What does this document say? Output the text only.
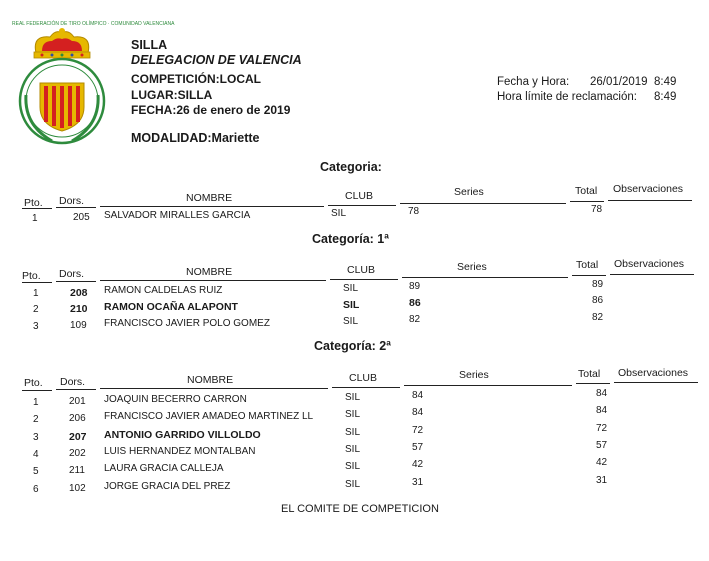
REAL FEDERACIÓN DE TIRO OLÍMPICO · COMUNIDAD VALENCIANA
SILLA
DELEGACION DE VALENCIA
COMPETICIÓN:LOCAL
LUGAR:SILLA
FECHA:26 de enero de 2019
MODALIDAD:Mariette
Fecha y Hora: 26/01/2019 8:49
Hora límite de reclamación: 8:49
Categoria:
Pto. Dors.	NOMBRE	CLUB	Series	Total Observaciones
1	205 SALVADOR MIRALLES GARCIA	SIL	78	78
Categoría: 1ª
Pto. Dors.	NOMBRE	CLUB	Series	Total Observaciones
1	208 RAMON CALDELAS RUIZ	SIL	89	89
2	210 RAMON OCAÑA ALAPONT	SIL	86	86
3	109 FRANCISCO JAVIER POLO GOMEZ	SIL	82	82
Categoría: 2ª
Pto. Dors.	NOMBRE	CLUB	Series	Total Observaciones
1	201 JOAQUIN BECERRO CARRON	SIL	84	84
2	206 FRANCISCO JAVIER AMADEO MARTINEZ LL	SIL	84	84
3	207 ANTONIO GARRIDO VILLOLDO	SIL	72	72
4	202 LUIS HERNANDEZ MONTALBAN	SIL	57	57
5	211 LAURA GRACIA CALLEJA	SIL	42	42
6	102 JORGE GRACIA DEL PREZ	SIL	31	31
EL COMITE DE COMPETICION
